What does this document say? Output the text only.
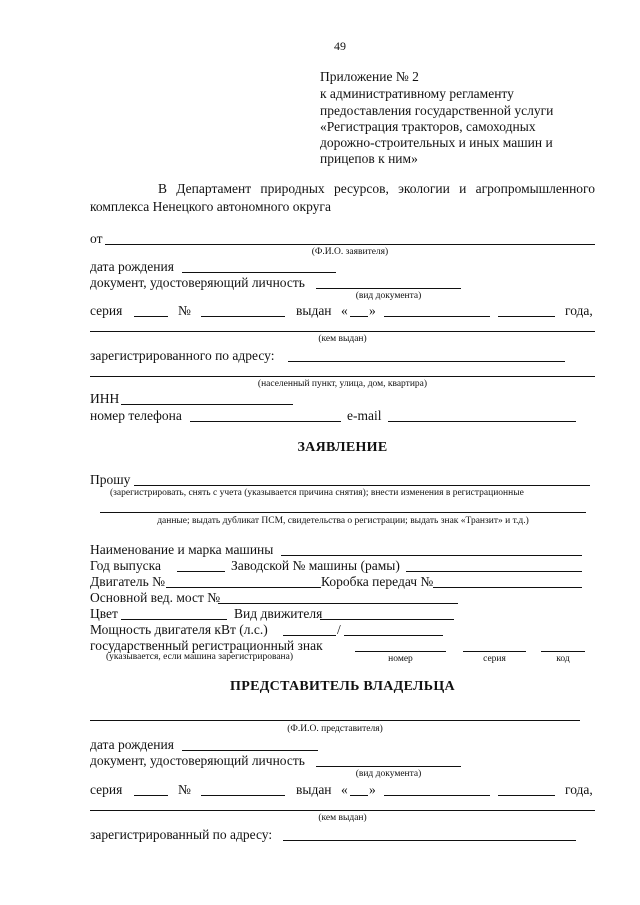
49
Приложение № 2
к административному регламенту
предоставления государственной услуги
«Регистрация тракторов, самоходных
дорожно-строительных и иных машин и
прицепов к ним»
В Департамент природных ресурсов, экологии и агропромышленного
комплекса Ненецкого автономного округа
от
(Ф.И.О. заявителя)
дата рождения
документ, удостоверяющий личность
(вид документа)
серия	№	выдан « »	года,
(кем выдан)
зарегистрированного по адресу:
(населенный пункт, улица, дом, квартира)
ИНН
номер телефона	e-mail
ЗАЯВЛЕНИЕ
Прошу
(зарегистрировать, снять с учета (указывается причина снятия); внести изменения в регистрационные
данные; выдать дубликат ПСМ, свидетельства о регистрации; выдать знак «Транзит» и т.д.)
Наименование и марка машины
Год выпуска	Заводской № машины (рамы)
Двигатель №	Коробка передач №
Основной вед. мост №
Цвет	Вид движителя
Мощность двигателя кВт (л.с.)	/
государственный регистрационный знак
(указывается, если машина зарегистрирована)	номер	серия	код
ПРЕДСТАВИТЕЛЬ ВЛАДЕЛЬЦА
(Ф.И.О. представителя)
дата рождения
документ, удостоверяющий личность
(вид документа)
серия	№	выдан « »	года,
(кем выдан)
зарегистрированный по адресу:
